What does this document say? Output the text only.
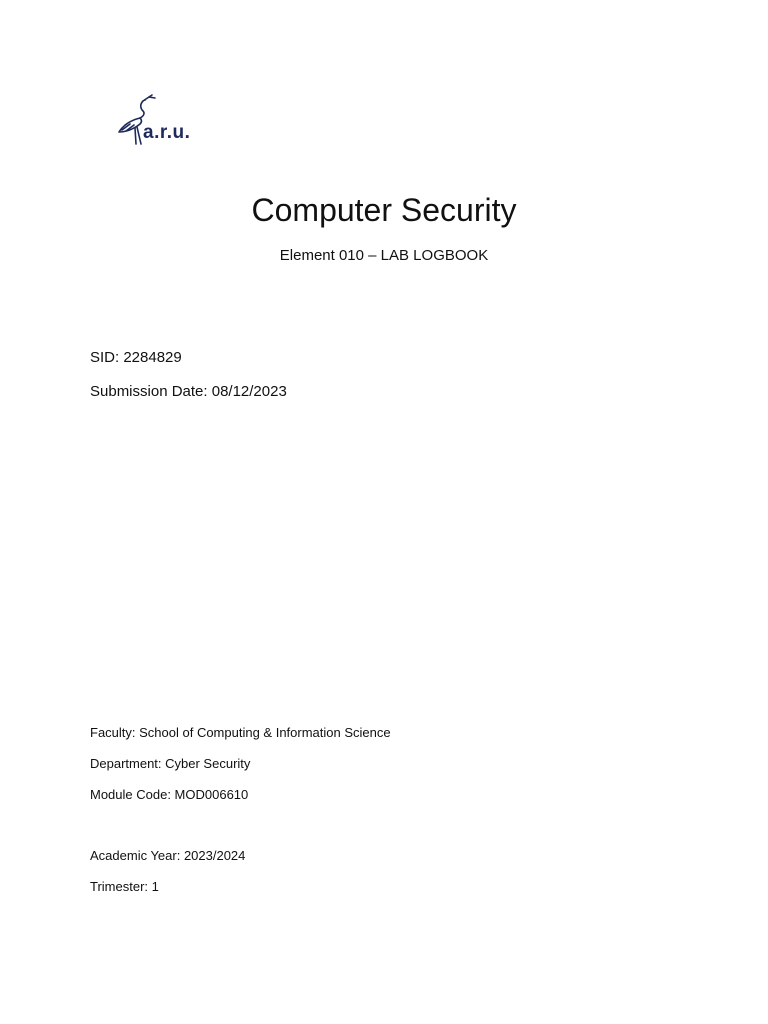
a.r.u.
Computer Security
Element 010 – LAB LOGBOOK
SID: 2284829
Submission Date: 08/12/2023
Faculty: School of Computing & Information Science
Department: Cyber Security
Module Code: MOD006610
Academic Year: 2023/2024
Trimester: 1
